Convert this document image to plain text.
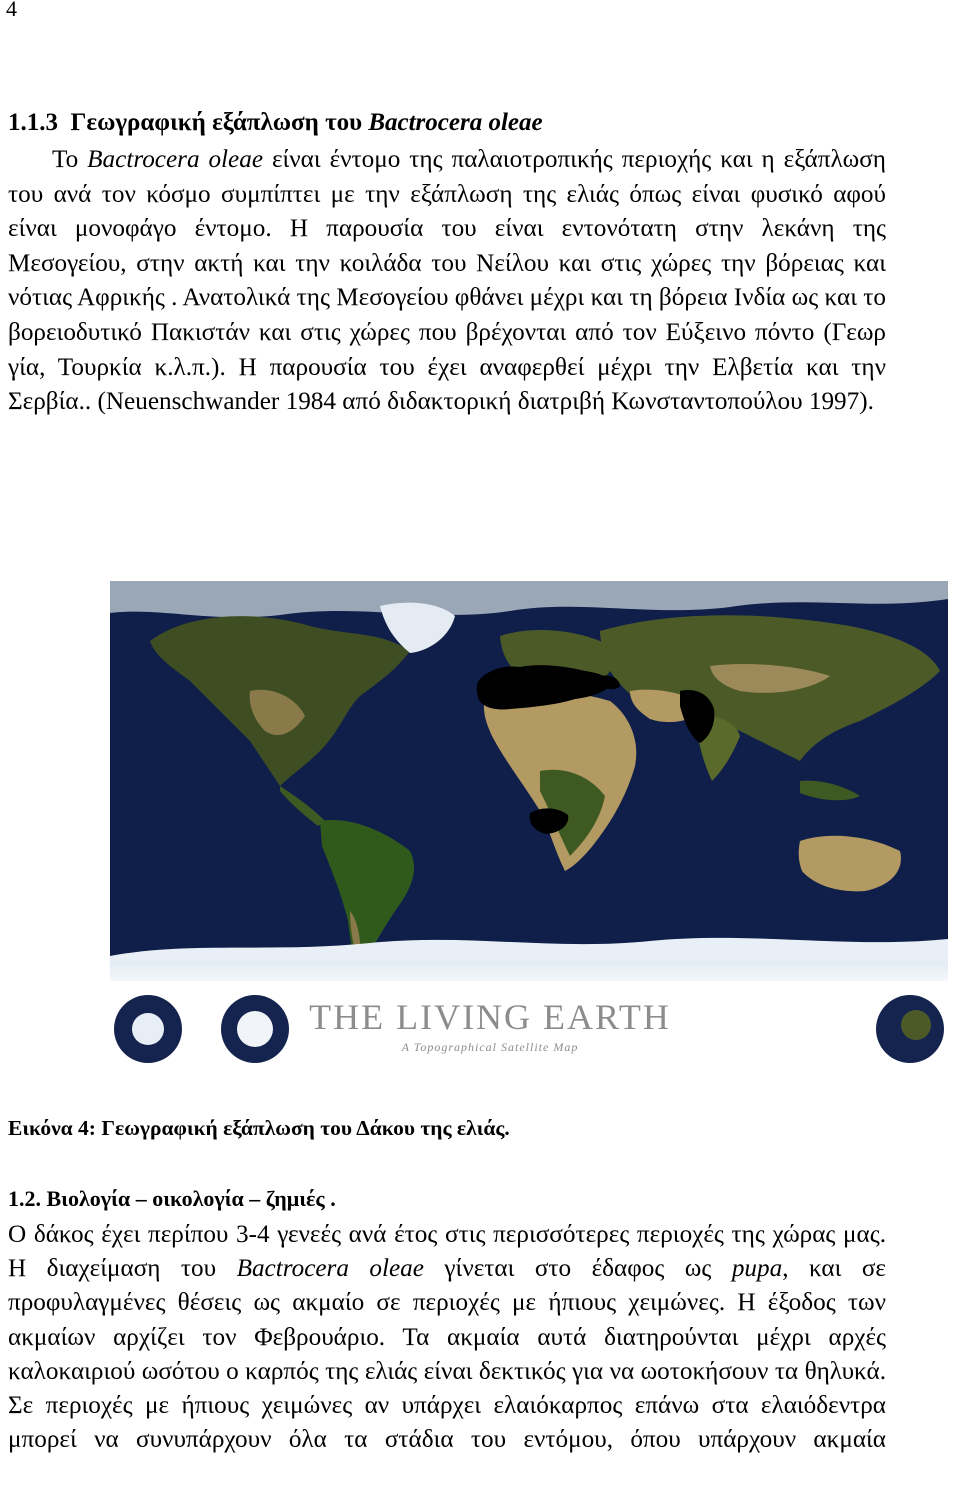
4
1.1.3 Γεωγραφική εξάπλωση του Bactrocera oleae

Το Bactrocera oleae είναι έντομο της παλαιοτροπικής περιοχής και η εξάπλωση του ανά τον κόσμο συμπίπτει με την εξάπλωση της ελιάς όπως είναι φυσικό αφού είναι μονοφάγο έντομο. Η παρουσία του είναι εντονότατη στην λεκάνη της Μεσογείου, στην ακτή και την κοιλάδα του Νείλου και στις χώρες την βόρειας και νότιας Αφρικής . Ανατολικά της Μεσογείου φθάνει μέχρι και τη βόρεια Ινδία ως και το βορειοδυτικό Πακιστάν και στις χώρες που βρέχονται από τον Εύξεινο πόντο (Γεωρ γία, Τουρκία κ.λ.π.). Η παρουσία του έχει αναφερθεί μέχρι την Ελβετία και την Σερβία.. (Neuenschwander 1984 από διδακτορική διατριβή Κωνσταντοπούλου 1997).

THE LIVING EARTH
A Topographical Satellite Map
Εικόνα 4: Γεωγραφική εξάπλωση του Δάκου της ελιάς.
1.2. Βιολογία – οικολογία – ζημιές .

Ο δάκος έχει περίπου 3-4 γενεές ανά έτος στις περισσότερες περιοχές της χώρας μας. Η διαχείμαση του Bactrocera oleae γίνεται στο έδαφος ως pupa, και σε προφυλαγμένες θέσεις ως ακμαίο σε περιοχές με ήπιους χειμώνες. Η έξοδος των ακμαίων αρχίζει τον Φεβρουάριο. Τα ακμαία αυτά διατηρούνται μέχρι αρχές καλοκαιριού ωσότου ο καρπός της ελιάς είναι δεκτικός για να ωοτοκήσουν τα θηλυκά. Σε περιοχές με ήπιους χειμώνες αν υπάρχει ελαιόκαρπος επάνω στα ελαιόδεντρα μπορεί να συνυπάρχουν όλα τα στάδια του εντόμου, όπου υπάρχουν ακμαία
